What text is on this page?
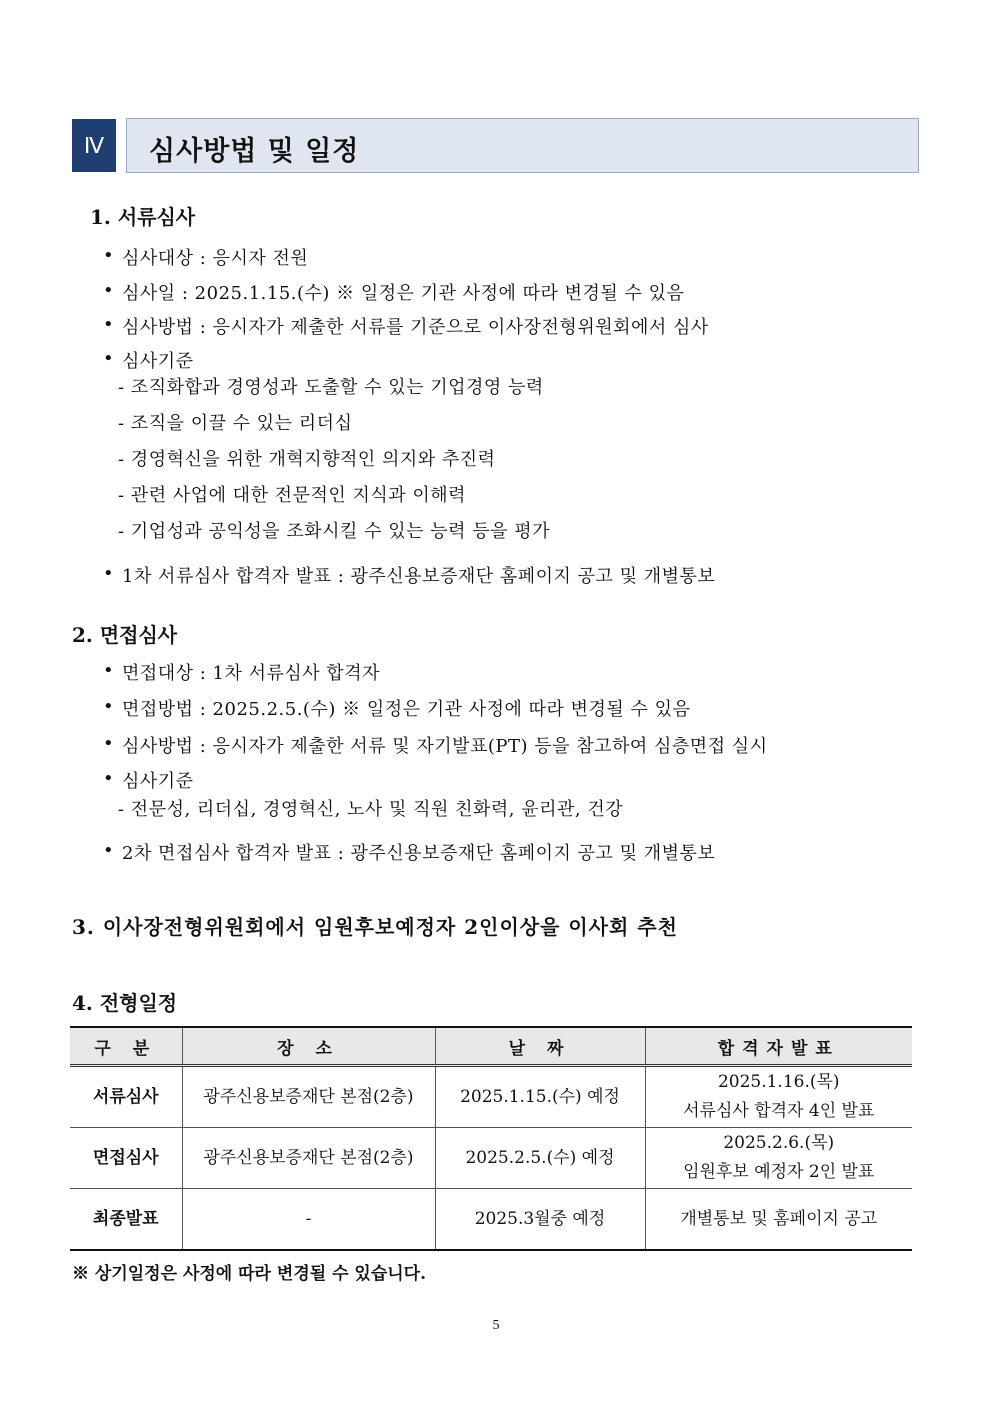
Ⅳ	심사방법 및 일정
1. 서류심사
• 심사대상 : 응시자 전원
• 심사일 : 2025.1.15.(수) ※ 일정은 기관 사정에 따라 변경될 수 있음
• 심사방법 : 응시자가 제출한 서류를 기준으로 이사장전형위원회에서 심사
• 심사기준
- 조직화합과 경영성과 도출할 수 있는 기업경영 능력
- 조직을 이끌 수 있는 리더십
- 경영혁신을 위한 개혁지향적인 의지와 추진력
- 관련 사업에 대한 전문적인 지식과 이해력
- 기업성과 공익성을 조화시킬 수 있는 능력 등을 평가
• 1차 서류심사 합격자 발표 : 광주신용보증재단 홈페이지 공고 및 개별통보
2. 면접심사
• 면접대상 : 1차 서류심사 합격자
• 면접방법 : 2025.2.5.(수) ※ 일정은 기관 사정에 따라 변경될 수 있음
• 심사방법 : 응시자가 제출한 서류 및 자기발표(PT) 등을 참고하여 심층면접 실시
• 심사기준
- 전문성, 리더십, 경영혁신, 노사 및 직원 친화력, 윤리관, 건강
• 2차 면접심사 합격자 발표 : 광주신용보증재단 홈페이지 공고 및 개별통보
3. 이사장전형위원회에서 임원후보예정자 2인이상을 이사회 추천
4. 전형일정
구 분	장 소	날 짜	합격자발표
서류심사	광주신용보증재단 본점(2층)	2025.1.15.(수) 예정	2025.1.16.(목)
서류심사 합격자 4인 발표

면접심사	광주신용보증재단 본점(2층)	2025.2.5.(수) 예정	2025.2.6.(목)
임원후보 예정자 2인 발표

최종발표	-	2025.3월중 예정	개별통보 및 홈페이지 공고
※ 상기일정은 사정에 따라 변경될 수 있습니다.
5
